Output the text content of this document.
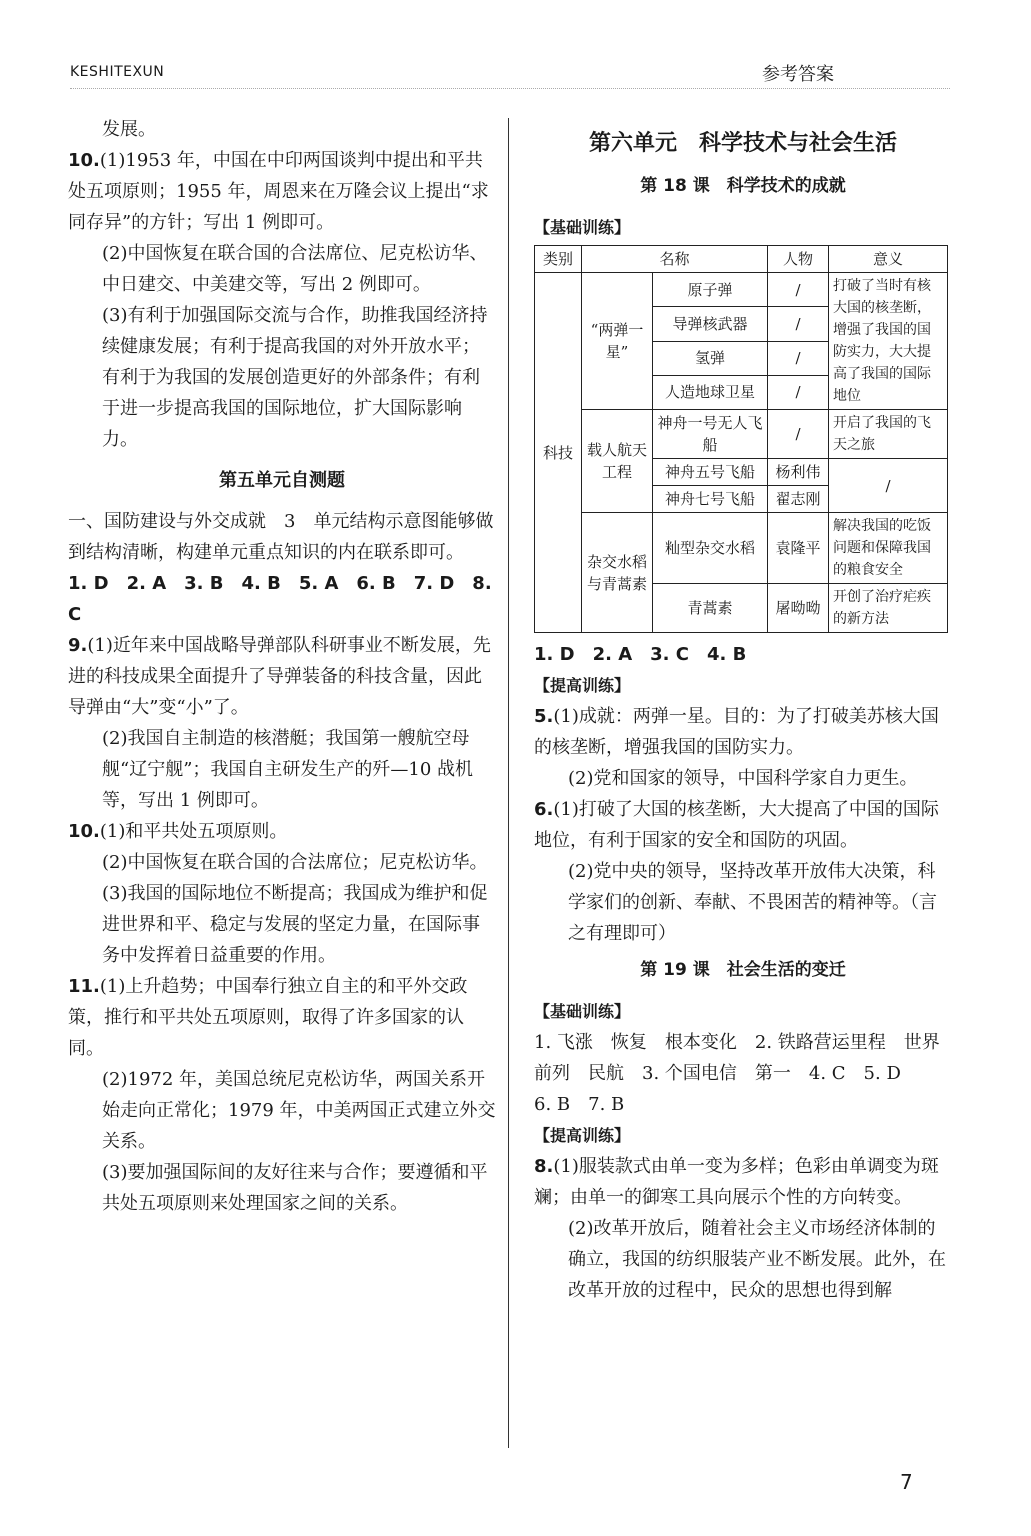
KESHITEXUN	参考答案

发展。

10.(1)1953 年，中国在中印两国谈判中提出和平共处五项原则；1955 年，周恩来在万隆会议上提出“求同存异”的方针；写出 1 例即可。

(2)中国恢复在联合国的合法席位、尼克松访华、中日建交、中美建交等，写出 2 例即可。

(3)有利于加强国际交流与合作，助推我国经济持续健康发展；有利于提高我国的对外开放水平；有利于为我国的发展创造更好的外部条件；有利于进一步提高我国的国际地位，扩大国际影响力。

第五单元自测题

一、国防建设与外交成就　3　单元结构示意图能够做到结构清晰，构建单元重点知识的内在联系即可。

1. D　2. A　3. B　4. B　5. A　6. B　7. D　8. C

9.(1)近年来中国战略导弹部队科研事业不断发展，先进的科技成果全面提升了导弹装备的科技含量，因此导弹由“大”变“小”了。

(2)我国自主制造的核潜艇；我国第一艘航空母舰“辽宁舰”；我国自主研发生产的歼—10 战机等，写出 1 例即可。

10.(1)和平共处五项原则。

(2)中国恢复在联合国的合法席位；尼克松访华。

(3)我国的国际地位不断提高；我国成为维护和促进世界和平、稳定与发展的坚定力量，在国际事务中发挥着日益重要的作用。

11.(1)上升趋势；中国奉行独立自主的和平外交政策，推行和平共处五项原则，取得了许多国家的认同。

(2)1972 年，美国总统尼克松访华，两国关系开始走向正常化；1979 年，中美两国正式建立外交关系。

(3)要加强国际间的友好往来与合作；要遵循和平共处五项原则来处理国家之间的关系。

第六单元　科学技术与社会生活
第 18 课　科学技术的成就

【基础训练】

类别	名称		人物	意义
科技	“两弹一星”	原子弹	/	打破了当时有核大国的核垄断，增强了我国的国防实力，大大提高了我国的国际地位
		导弹核武器	/	
		氢弹	/	
		人造地球卫星	/	
	载人航天工程	神舟一号无人飞船	/	开启了我国的飞天之旅
		神舟五号飞船	杨利伟	/
		神舟七号飞船	翟志刚	
	杂交水稻与青蒿素	籼型杂交水稻	袁隆平	解决我国的吃饭问题和保障我国的粮食安全

		青蒿素	屠呦呦	开创了治疗疟疾的新方法

1. D　2. A　3. C　4. B

【提高训练】

5.(1)成就：两弹一星。目的：为了打破美苏核大国的核垄断，增强我国的国防实力。

(2)党和国家的领导，中国科学家自力更生。

6.(1)打破了大国的核垄断，大大提高了中国的国际地位，有利于国家的安全和国防的巩固。

(2)党中央的领导，坚持改革开放伟大决策，科学家们的创新、奉献、不畏困苦的精神等。（言之有理即可）

第 19 课　社会生活的变迁

【基础训练】

1. 飞涨　恢复　根本变化　2. 铁路营运里程　世界前列　民航　3. 个国电信　第一　4. C　5. D

6. B　7. B

【提高训练】

8.(1)服装款式由单一变为多样；色彩由单调变为斑斓；由单一的御寒工具向展示个性的方向转变。

(2)改革开放后，随着社会主义市场经济体制的确立，我国的纺织服装产业不断发展。此外，在改革开放的过程中，民众的思想也得到解

7
